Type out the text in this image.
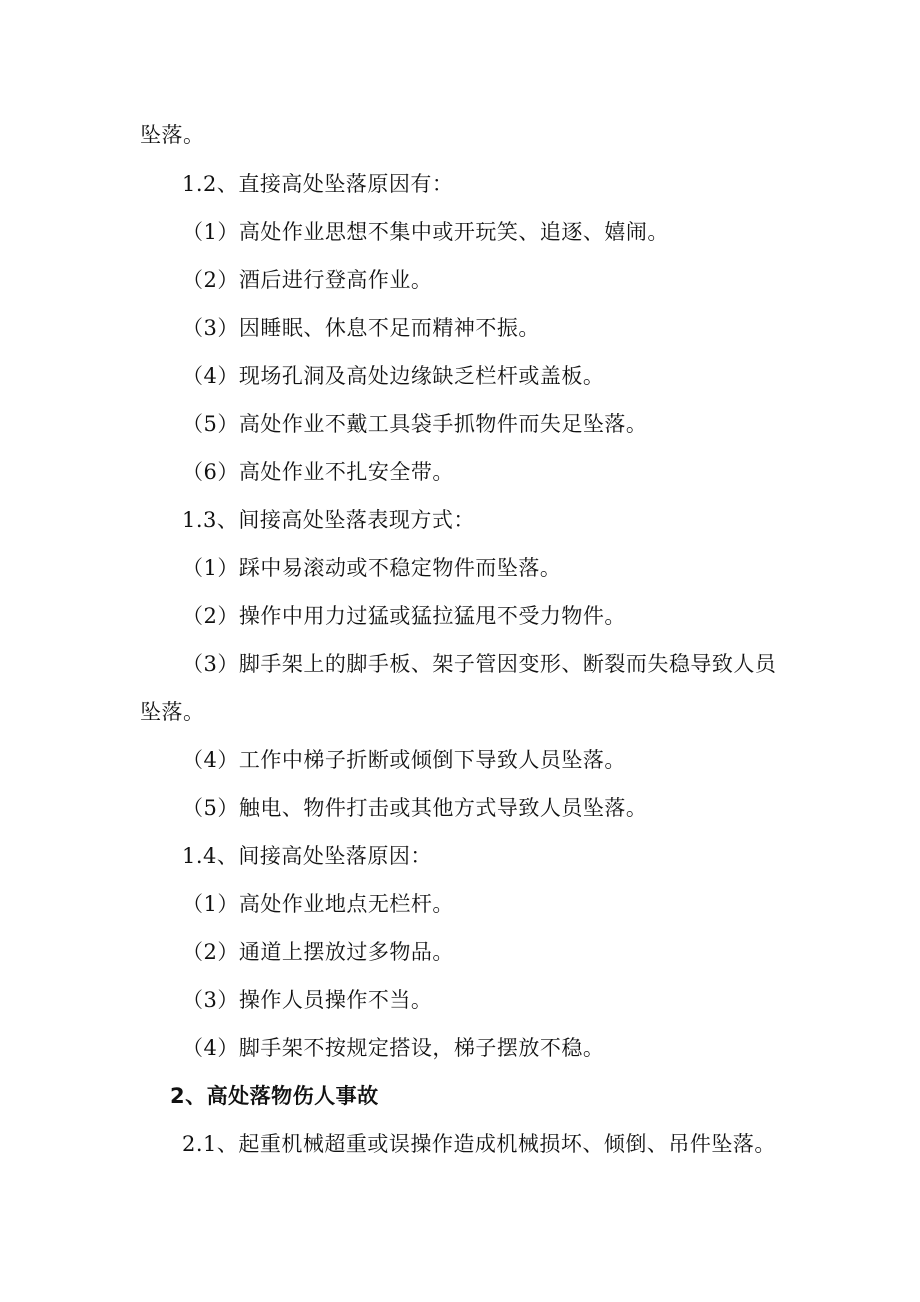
坠落。
1.2、直接高处坠落原因有：
（1）高处作业思想不集中或开玩笑、追逐、嬉闹。
（2）酒后进行登高作业。
（3）因睡眠、休息不足而精神不振。
（4）现场孔洞及高处边缘缺乏栏杆或盖板。
（5）高处作业不戴工具袋手抓物件而失足坠落。
（6）高处作业不扎安全带。
1.3、间接高处坠落表现方式：
（1）踩中易滚动或不稳定物件而坠落。
（2）操作中用力过猛或猛拉猛甩不受力物件。
（3）脚手架上的脚手板、架子管因变形、断裂而失稳导致人员
坠落。
（4）工作中梯子折断或倾倒下导致人员坠落。
（5）触电、物件打击或其他方式导致人员坠落。
1.4、间接高处坠落原因：
（1）高处作业地点无栏杆。
（2）通道上摆放过多物品。
（3）操作人员操作不当。
（4）脚手架不按规定搭设，梯子摆放不稳。
2、高处落物伤人事故
2.1、起重机械超重或误操作造成机械损坏、倾倒、吊件坠落。
